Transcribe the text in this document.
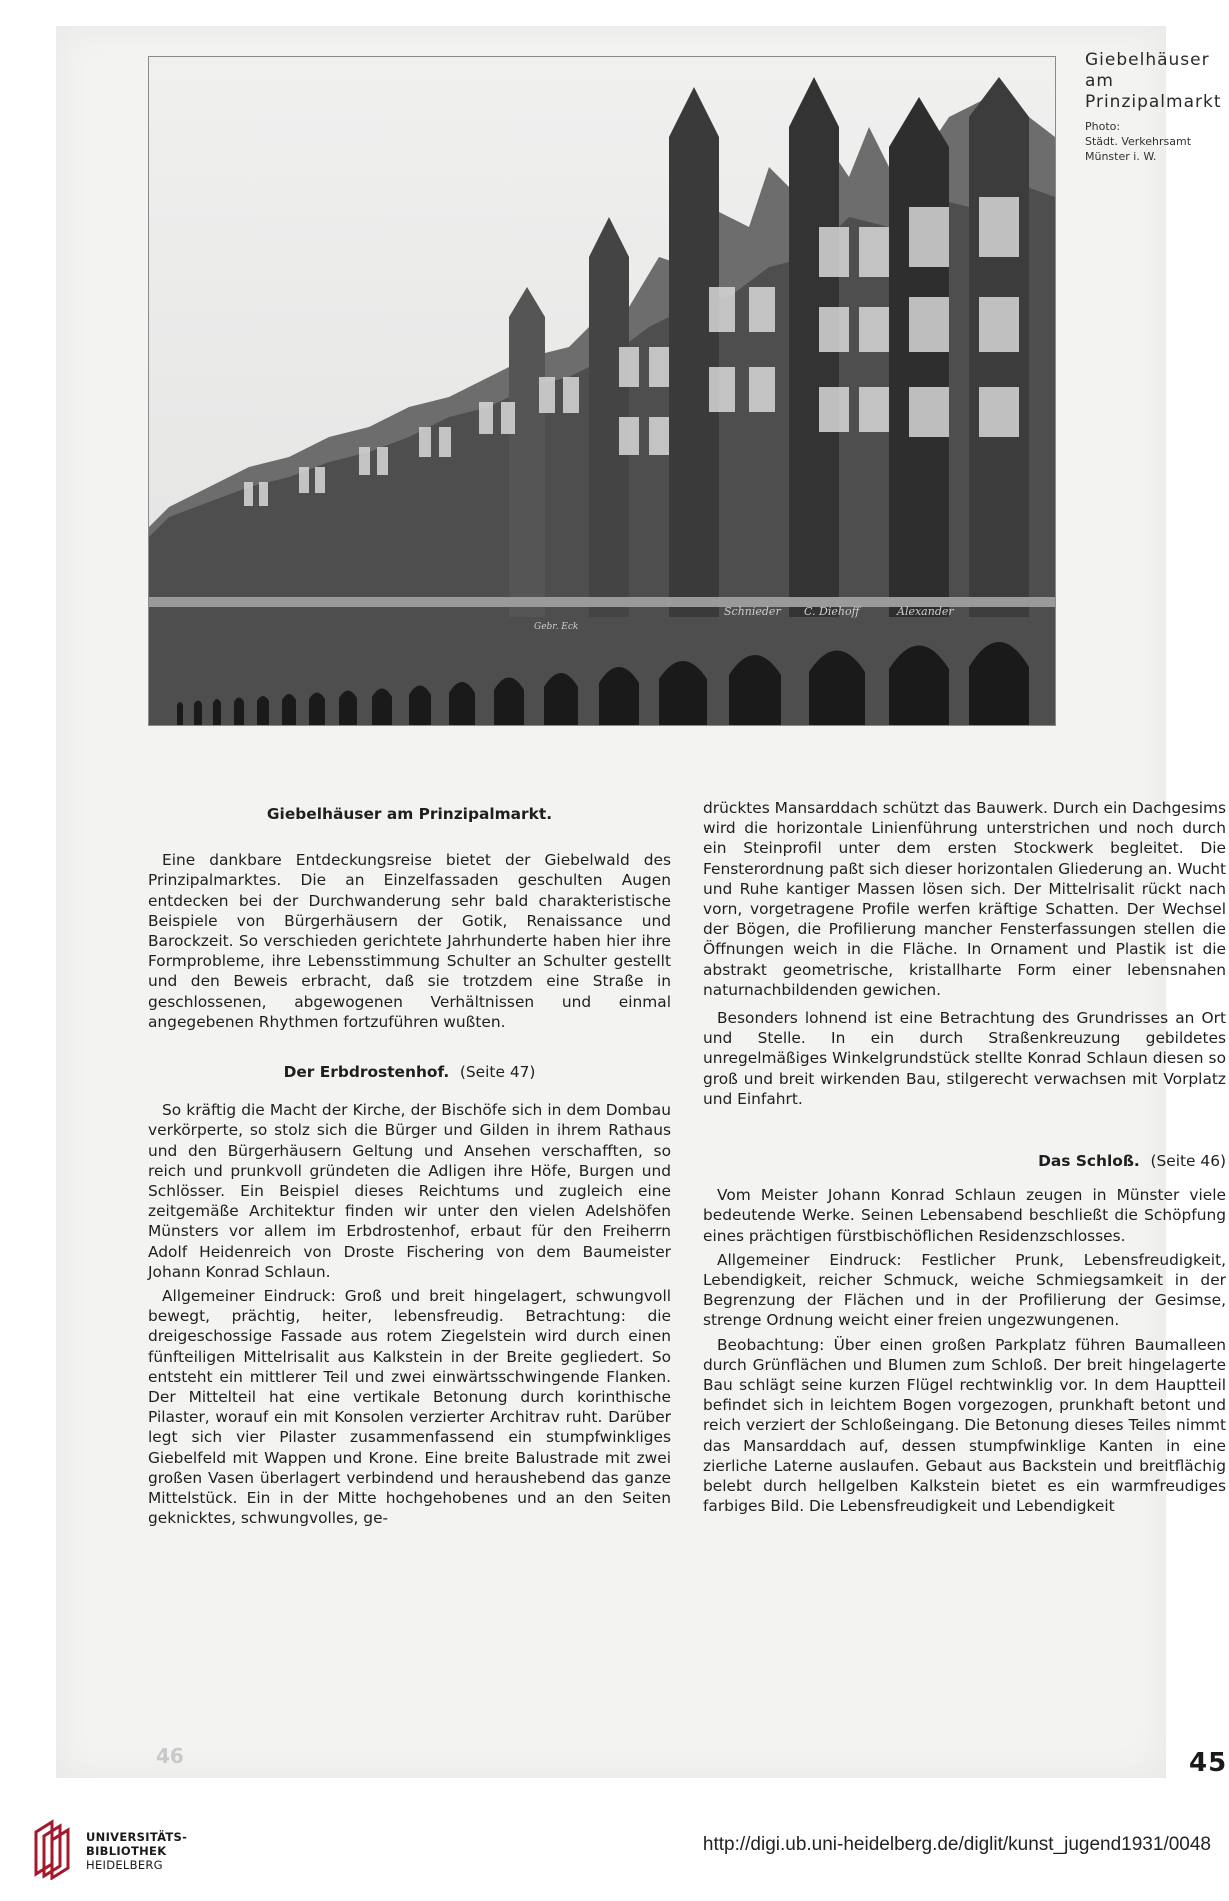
Schnieder C. Diehoff	Alexander
Gebr. Eck
Giebelhäuser
am
Prinzipalmarkt
Photo:
Städt. Verkehrsamt
Münster i. W.
Giebelhäuser am Prinzipalmarkt.

Eine dankbare Entdeckungsreise bietet der Giebelwald des Prinzipalmarktes. Die an Einzelfassaden geschulten Augen entdecken bei der Durchwanderung sehr bald charakteristische Beispiele von Bürgerhäusern der Gotik, Renaissance und Barockzeit. So verschieden gerichtete Jahrhunderte haben hier ihre Formprobleme, ihre Lebensstimmung Schulter an Schulter gestellt und den Beweis erbracht, daß sie trotzdem eine Straße in geschlossenen, abgewogenen Verhältnissen und einmal angegebenen Rhythmen fortzuführen wußten.

Der Erbdrostenhof. (Seite 47)

So kräftig die Macht der Kirche, der Bischöfe sich in dem Dombau verkörperte, so stolz sich die Bürger und Gilden in ihrem Rathaus und den Bürgerhäusern Geltung und Ansehen verschafften, so reich und prunkvoll gründeten die Adligen ihre Höfe, Burgen und Schlösser. Ein Beispiel dieses Reichtums und zugleich eine zeitgemäße Architektur finden wir unter den vielen Adelshöfen Münsters vor allem im Erbdrostenhof, erbaut für den Freiherrn Adolf Heidenreich von Droste Fischering von dem Baumeister Johann Konrad Schlaun.

Allgemeiner Eindruck: Groß und breit hingelagert, schwungvoll bewegt, prächtig, heiter, lebensfreudig. Betrachtung: die dreigeschossige Fassade aus rotem Ziegelstein wird durch einen fünfteiligen Mittelrisalit aus Kalkstein in der Breite gegliedert. So entsteht ein mittlerer Teil und zwei einwärtsschwingende Flanken. Der Mittelteil hat eine vertikale Betonung durch korinthische Pilaster, worauf ein mit Konsolen verzierter Architrav ruht. Darüber legt sich vier Pilaster zusammenfassend ein stumpfwinkliges Giebelfeld mit Wappen und Krone. Eine breite Balustrade mit zwei großen Vasen überlagert verbindend und heraushebend das ganze Mittelstück. Ein in der Mitte hochgehobenes und an den Seiten geknicktes, schwungvolles, ge-

drücktes Mansarddach schützt das Bauwerk. Durch ein Dachgesims wird die horizontale Linienführung unterstrichen und noch durch ein Steinprofil unter dem ersten Stockwerk begleitet. Die Fensterordnung paßt sich dieser horizontalen Gliederung an. Wucht und Ruhe kantiger Massen lösen sich. Der Mittelrisalit rückt nach vorn, vorgetragene Profile werfen kräftige Schatten. Der Wechsel der Bögen, die Profilierung mancher Fensterfassungen stellen die Öffnungen weich in die Fläche. In Ornament und Plastik ist die abstrakt geometrische, kristallharte Form einer lebensnahen naturnachbildenden gewichen.

Besonders lohnend ist eine Betrachtung des Grundrisses an Ort und Stelle. In ein durch Straßenkreuzung gebildetes unregelmäßiges Winkelgrundstück stellte Konrad Schlaun diesen so groß und breit wirkenden Bau, stilgerecht verwachsen mit Vorplatz und Einfahrt.

Das Schloß. (Seite 46)

Vom Meister Johann Konrad Schlaun zeugen in Münster viele bedeutende Werke. Seinen Lebensabend beschließt die Schöpfung eines prächtigen fürstbischöflichen Residenzschlosses.

Allgemeiner Eindruck: Festlicher Prunk, Lebensfreudigkeit, Lebendigkeit, reicher Schmuck, weiche Schmiegsamkeit in der Begrenzung der Flächen und in der Profilierung der Gesimse, strenge Ordnung weicht einer freien ungezwungenen.

Beobachtung: Über einen großen Parkplatz führen Baumalleen durch Grünflächen und Blumen zum Schloß. Der breit hingelagerte Bau schlägt seine kurzen Flügel rechtwinklig vor. In dem Hauptteil befindet sich in leichtem Bogen vorgezogen, prunkhaft betont und reich verziert der Schloßeingang. Die Betonung dieses Teiles nimmt das Mansarddach auf, dessen stumpfwinklige Kanten in eine zierliche Laterne auslaufen. Gebaut aus Backstein und breitflächig belebt durch hellgelben Kalkstein bietet es ein warmfreudiges farbiges Bild. Die Lebensfreudigkeit und Lebendigkeit

46	45
UNIVERSITÄTS-
BIBLIOTHEK
HEIDELBERG
http://digi.ub.uni-heidelberg.de/diglit/kunst_jugend1931/0048
